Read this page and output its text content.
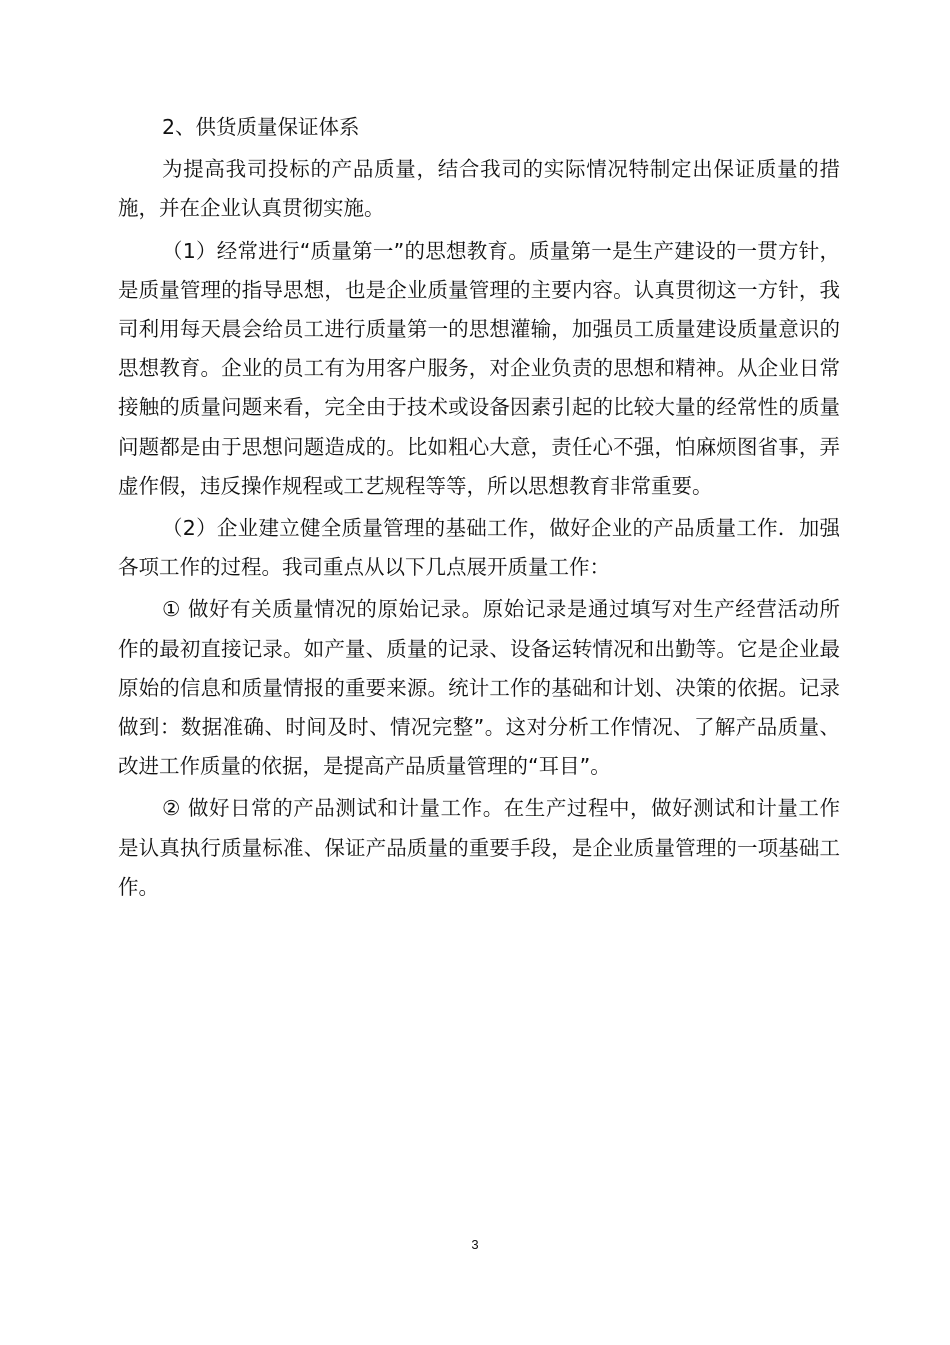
2、供货质量保证体系

为提高我司投标的产品质量，结合我司的实际情况特制定出保证质量的措施，并在企业认真贯彻实施。

（1）经常进行“质量第一”的思想教育。质量第一是生产建设的一贯方针，是质量管理的指导思想，也是企业质量管理的主要内容。认真贯彻这一方针，我司利用每天晨会给员工进行质量第一的思想灌输，加强员工质量建设质量意识的思想教育。企业的员工有为用客户服务，对企业负责的思想和精神。从企业日常接触的质量问题来看，完全由于技术或设备因素引起的比较大量的经常性的质量问题都是由于思想问题造成的。比如粗心大意，责任心不强，怕麻烦图省事，弄虚作假，违反操作规程或工艺规程等等，所以思想教育非常重要。

（2）企业建立健全质量管理的基础工作，做好企业的产品质量工作．加强各项工作的过程。我司重点从以下几点展开质量工作：

① 做好有关质量情况的原始记录。原始记录是通过填写对生产经营活动所作的最初直接记录。如产量、质量的记录、设备运转情况和出勤等。它是企业最原始的信息和质量情报的重要来源。统计工作的基础和计划、决策的依据。记录做到：数据准确、时间及时、情况完整”。这对分析工作情况、了解产品质量、改进工作质量的依据，是提高产品质量管理的“耳目”。

② 做好日常的产品测试和计量工作。在生产过程中，做好测试和计量工作是认真执行质量标准、保证产品质量的重要手段，是企业质量管理的一项基础工作。

3
